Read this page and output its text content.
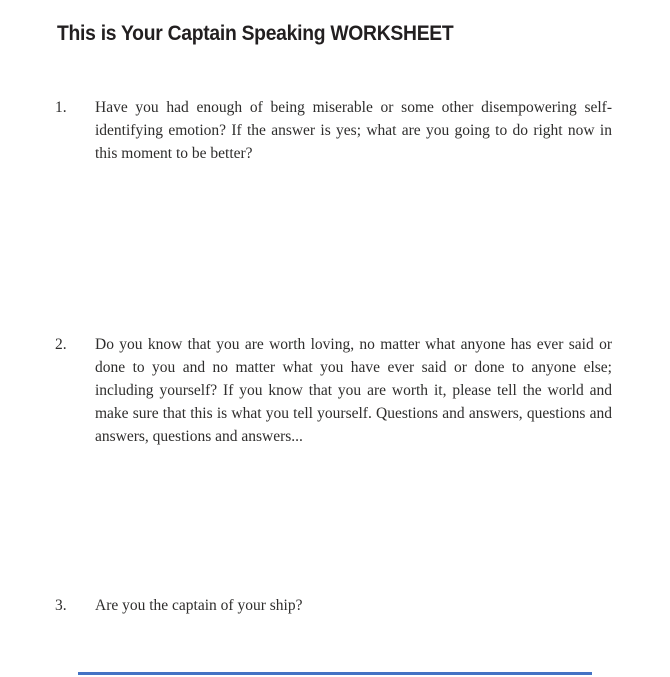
This is Your Captain Speaking WORKSHEET
1.	Have you had enough of being miserable or some other disempowering self-identifying emotion? If the answer is yes; what are you going to do right now in this moment to be better?
2.	Do you know that you are worth loving, no matter what anyone has ever said or done to you and no matter what you have ever said or done to anyone else; including yourself? If you know that you are worth it, please tell the world and make sure that this is what you tell yourself. Questions and answers, questions and answers, questions and answers...
3.	Are you the captain of your ship?
